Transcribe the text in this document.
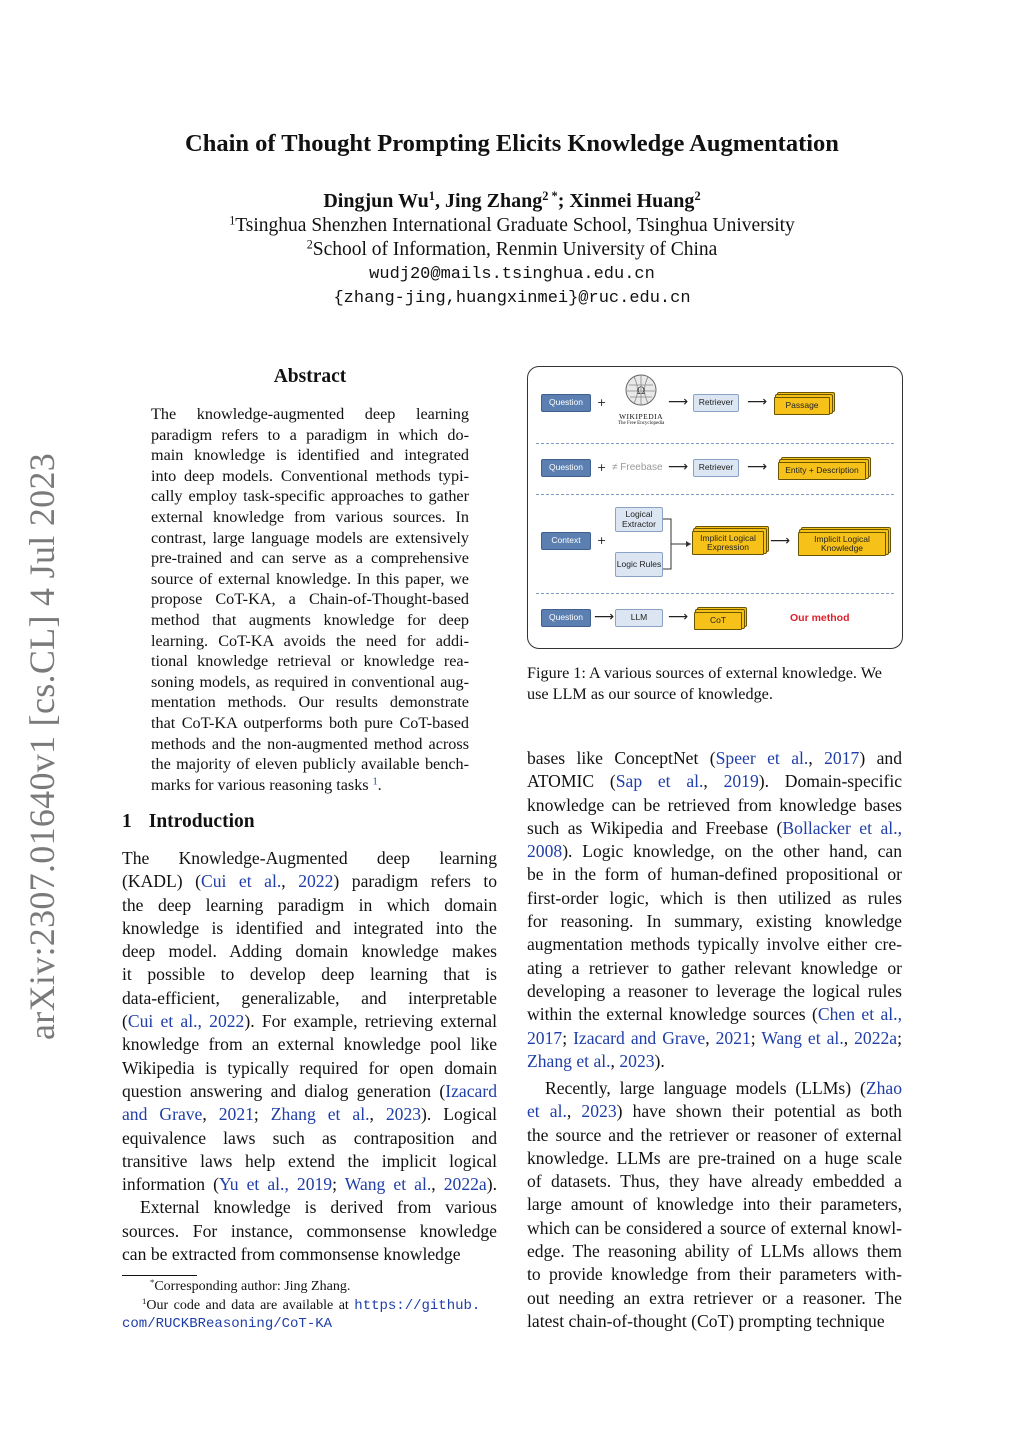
arXiv:2307.01640v1 [cs.CL] 4 Jul 2023
Chain of Thought Prompting Elicits Knowledge Augmentation
Dingjun Wu$^1$, Jing Zhang$^{2 *}$; Xinmei Huang$^2$
$^1$Tsinghua Shenzhen International Graduate School, Tsinghua University
$^2$School of Information, Renmin University of China
wudj20@mails.tsinghua.edu.cn
{zhang-jing,huangxinmei}@ruc.edu.cn
Abstract
The knowledge-augmented deep learning
paradigm refers to a paradigm in which do-
main knowledge is identified and integrated
into deep models. Conventional methods typi-
cally employ task-specific approaches to gather
external knowledge from various sources. In
contrast, large language models are extensively
pre-trained and can serve as a comprehensive
source of external knowledge. In this paper, we
propose CoT-KA, a Chain-of-Thought-based
method that augments knowledge for deep
learning. CoT-KA avoids the need for addi-
tional knowledge retrieval or knowledge rea-
soning models, as required in conventional aug-
mentation methods. Our results demonstrate
that CoT-KA outperforms both pure CoT-based
methods and the non-augmented method across
the majority of eleven publicly available bench-
marks for various reasoning tasks $^1$.
1 Introduction
The Knowledge-Augmented deep learning
(KADL) (Cui et al., 2022) paradigm refers to
the deep learning paradigm in which domain
knowledge is identified and integrated into the
deep model. Adding domain knowledge makes
it possible to develop deep learning that is
data-efficient, generalizable, and interpretable
(Cui et al., 2022). For example, retrieving external
knowledge from an external knowledge pool like
Wikipedia is typically required for open domain
question answering and dialog generation (Izacard
and Grave, 2021; Zhang et al., 2023). Logical
equivalence laws such as contraposition and
transitive laws help extend the implicit logical
information (Yu et al., 2019; Wang et al., 2022a).
External knowledge is derived from various
sources. For instance, commonsense knowledge
can be extracted from commonsense knowledge
bases like ConceptNet (Speer et al., 2017) and
ATOMIC (Sap et al., 2019). Domain-specific
knowledge can be retrieved from knowledge bases
such as Wikipedia and Freebase (Bollacker et al.,
2008). Logic knowledge, on the other hand, can
be in the form of human-defined propositional or
first-order logic, which is then utilized as rules
for reasoning. In summary, existing knowledge
augmentation methods typically involve either cre-
ating a retriever to gather relevant knowledge or
developing a reasoner to leverage the logical rules
within the external knowledge sources (Chen et al.,
2017; Izacard and Grave, 2021; Wang et al., 2022a;
Zhang et al., 2023).
Recently, large language models (LLMs) (Zhao
et al., 2023) have shown their potential as both
the source and the retriever or reasoner of external
knowledge. LLMs are pre-trained on a huge scale
of datasets. Thus, they have already embedded a
large amount of knowledge into their parameters,
which can be considered a source of external knowl-
edge. The reasoning ability of LLMs allows them
to provide knowledge from their parameters with-
out needing an extra retriever or a reasoner. The
latest chain-of-thought (CoT) prompting technique
*Corresponding author: Jing Zhang.
$^1$Our code and data are available at https://github.
com/RUCKBReasoning/CoT-KA
Question	+
Ω
WIKIPEDIA
The Free Encyclopedia
⟶	Retriever ⟶	Passage
Question	+ ≠ Freebase ⟶	Retriever ⟶	Entity + Description
Context	+
Logical Extractor
Logic Rules
Implicit Logical Expression	⟶	Implicit Logical Knowledge
Question ⟶	LLM	⟶	CoT	Our method
Figure 1: A various sources of external knowledge. We
use LLM as our source of knowledge.
